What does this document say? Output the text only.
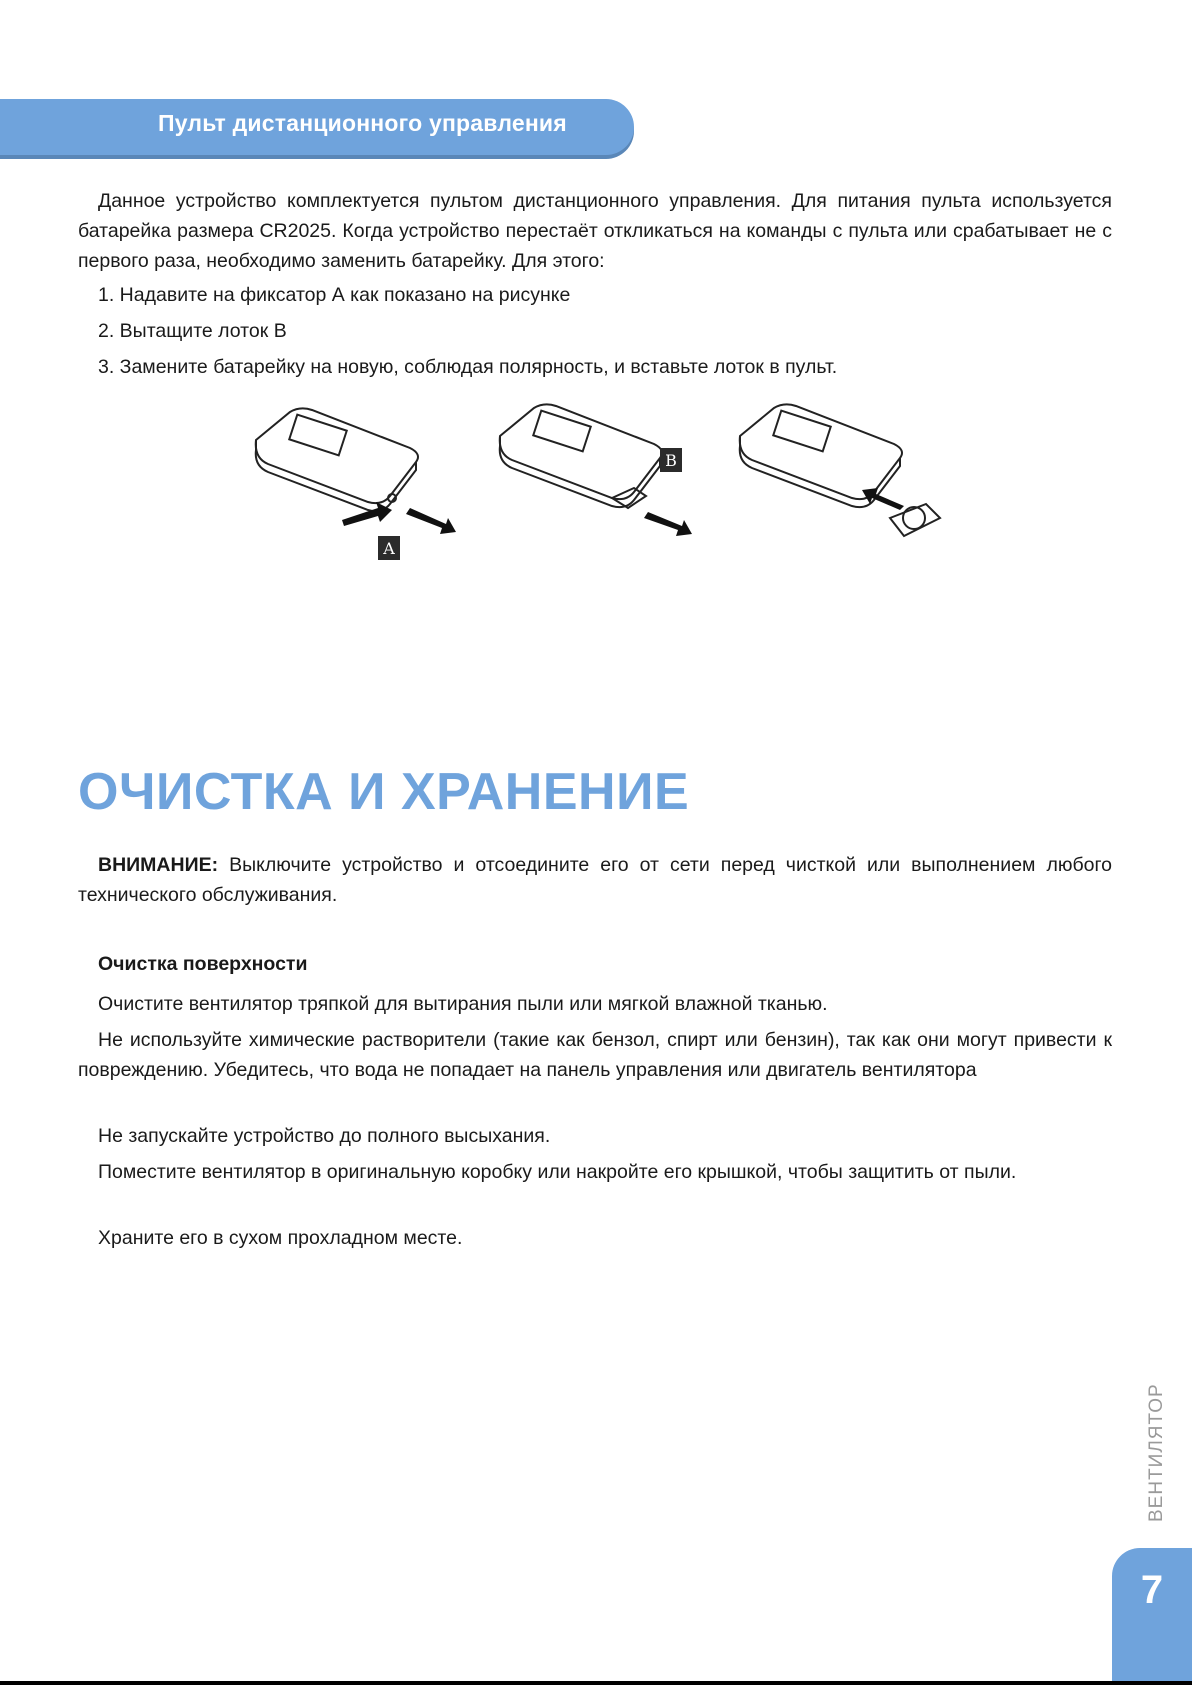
Пульт дистанционного управления

Данное устройство комплектуется пультом дистанционного управления. Для питания пульта используется батарейка размера CR2025. Когда устройство перестаёт откликаться на команды с пульта или срабатывает не с первого раза, необходимо заменить батарейку. Для этого:

1. Надавите на фиксатор А как показано на рисунке

2. Вытащите лоток В

3. Замените батарейку на новую, соблюдая полярность, и вставьте лоток в пульт.

A
B
ОЧИСТКА И ХРАНЕНИЕ

ВНИМАНИЕ: Выключите устройство и отсоедините его от сети перед чисткой или выполнением любого технического обслуживания.

Очистка поверхности

Очистите вентилятор тряпкой для вытирания пыли или мягкой влажной тканью.

Не используйте химические растворители (такие как бензол, спирт или бензин), так как они могут привести к повреждению. Убедитесь, что вода не попадает на панель управления или двигатель вентилятора

Не запускайте устройство до полного высыхания.

Поместите вентилятор в оригинальную коробку или накройте его крышкой, чтобы защитить от пыли.

Храните его в сухом прохладном месте.

ВЕНТИЛЯТОР
7
